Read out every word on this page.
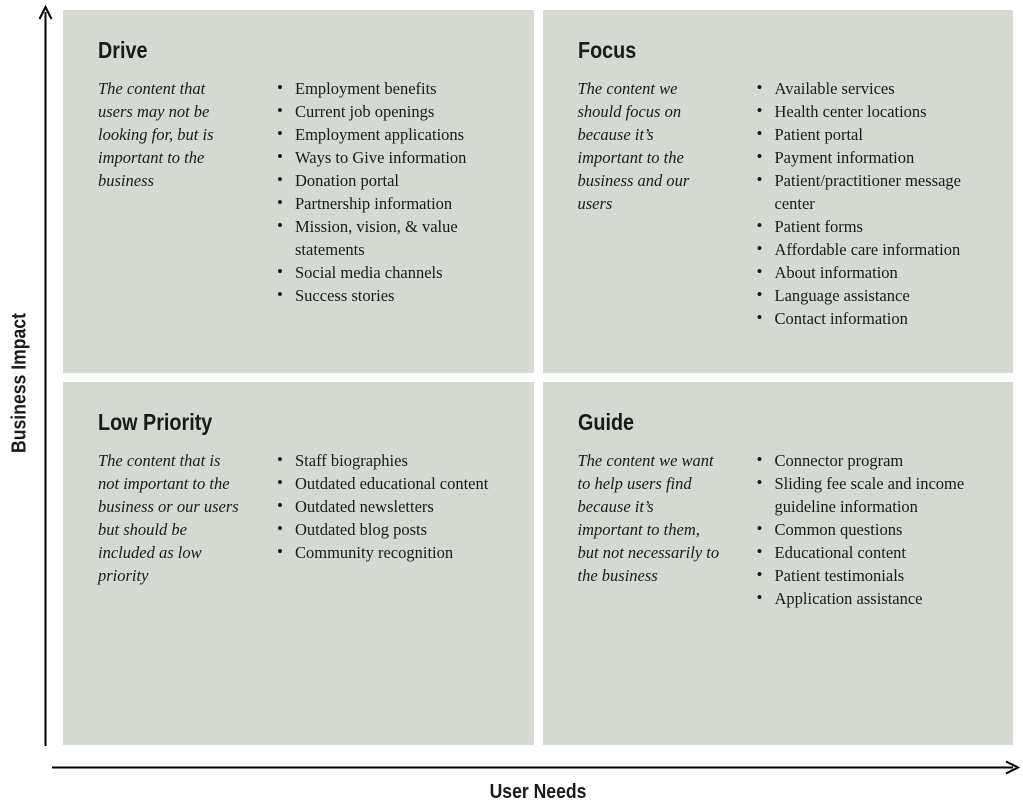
Business Impact
User Needs
Drive

The content that users may not be looking for, but is important to the business

• Employment benefits
• Current job openings
• Employment applications
• Ways to Give information
• Donation portal
• Partnership information
• Mission, vision, & value statements
• Social media channels
• Success stories
Focus

The content we should focus on because it’s important to the business and our users

• Available services
• Health center locations
• Patient portal
• Payment information
• Patient/practitioner message center
• Patient forms
• Affordable care information
• About information
• Language assistance
• Contact information
Low Priority

The content that is not important to the business or our users but should be included as low priority

• Staff biographies
• Outdated educational content
• Outdated newsletters
• Outdated blog posts
• Community recognition
Guide

The content we want to help users find because it’s important to them, but not necessarily to the business

• Connector program
• Sliding fee scale and income guideline information
• Common questions
• Educational content
• Patient testimonials
• Application assistance
